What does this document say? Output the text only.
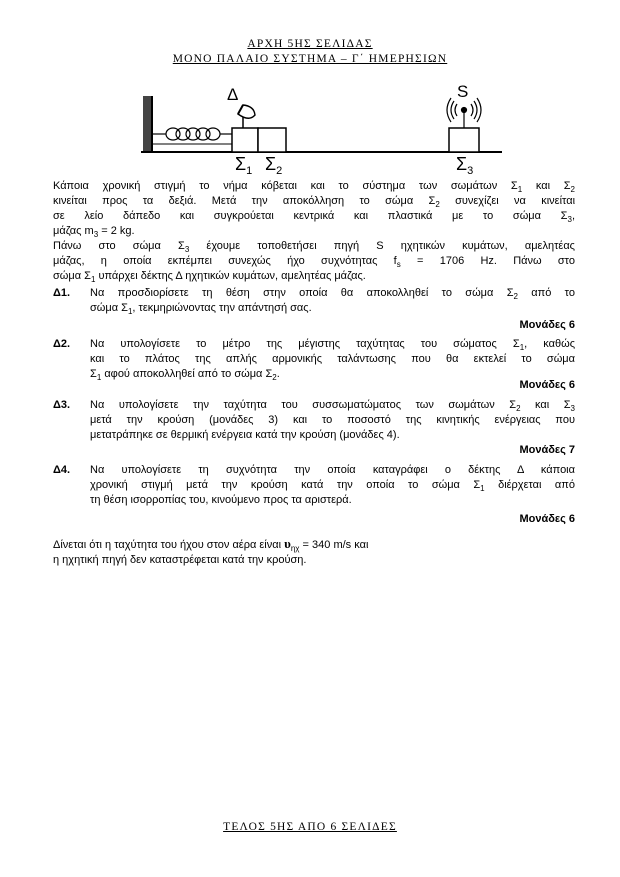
ΑΡΧΗ 5ΗΣ ΣΕΛΙΔΑΣ
ΜΟΝΟ ΠΑΛΑΙΟ ΣΥΣΤΗΜΑ – Γ΄ ΗΜΕΡΗΣΙΩΝ
Δ	S
$\Sigma_1$ $\Sigma_2$	$\Sigma_3$
Κάποια χρονική στιγμή το νήμα κόβεται και το σύστημα των σωμάτων $\Sigma_1$ και $\Sigma_2$
κινείται προς τα δεξιά. Μετά την αποκόλληση το σώμα $\Sigma_2$ συνεχίζει να κινείται
σε λείο δάπεδο και συγκρούεται κεντρικά και πλαστικά με το σώμα $\Sigma_3$,
μάζας $m_3 = 2$ kg.
Πάνω στο σώμα $\Sigma_3$ έχουμε τοποθετήσει πηγή S ηχητικών κυμάτων, αμελητέας
μάζας, η οποία εκπέμπει συνεχώς ήχο συχνότητας $f_s = 1706$ Hz. Πάνω στο
σώμα $\Sigma_1$ υπάρχει δέκτης Δ ηχητικών κυμάτων, αμελητέας μάζας.
Δ1. Να προσδιορίσετε τη θέση στην οποία θα αποκολληθεί το σώμα $\Sigma_2$ από το
σώμα $\Sigma_1$, τεκμηριώνοντας την απάντησή σας.
Μονάδες 6
Δ2. Να υπολογίσετε το μέτρο της μέγιστης ταχύτητας του σώματος $\Sigma_1$, καθώς
και το πλάτος της απλής αρμονικής ταλάντωσης που θα εκτελεί το σώμα
$\Sigma_1$ αφού αποκολληθεί από το σώμα $\Sigma_2$.
Μονάδες 6
Δ3. Να υπολογίσετε την ταχύτητα του συσσωματώματος των σωμάτων $\Sigma_2$ και $\Sigma_3$
μετά την κρούση (μονάδες 3) και το ποσοστό της κινητικής ενέργειας που
μετατράπηκε σε θερμική ενέργεια κατά την κρούση (μονάδες 4).
Μονάδες 7
Δ4. Να υπολογίσετε τη συχνότητα την οποία καταγράφει ο δέκτης Δ κάποια
χρονική στιγμή μετά την κρούση κατά την οποία το σώμα $\Sigma_1$ διέρχεται από
τη θέση ισορροπίας του, κινούμενο προς τα αριστερά.
Μονάδες 6
Δίνεται ότι η ταχύτητα του ήχου στον αέρα είναι $\upsilon_{\eta\chi} = 340$ m/s και
η ηχητική πηγή δεν καταστρέφεται κατά την κρούση.
ΤΕΛΟΣ 5ΗΣ ΑΠΟ 6 ΣΕΛΙΔΕΣ
